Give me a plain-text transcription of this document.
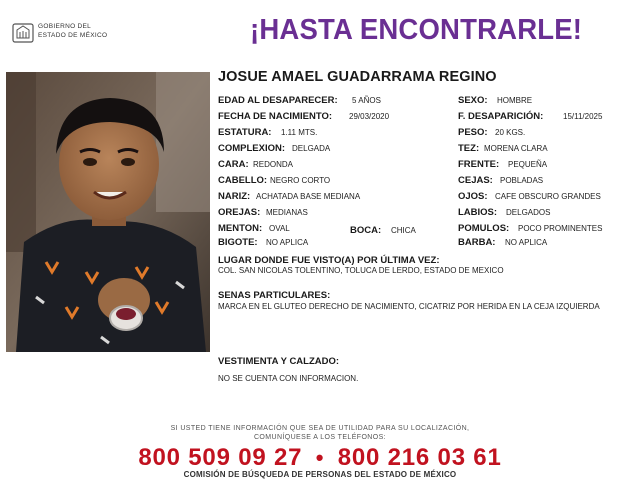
GOBIERNO DEL
ESTADO DE MÉXICO	¡HASTA ENCONTRARLE!
JOSUE AMAEL GUADARRAMA REGINO
EDAD AL DESAPARECER: 5 AÑOS
FECHA DE NACIMIENTO: 29/03/2020
ESTATURA: 1.11 MTS.
COMPLEXION: DELGADA
CARA: REDONDA
CABELLO: NEGRO CORTO
NARIZ: ACHATADA BASE MEDIANA
OREJAS: MEDIANAS
MENTON: OVAL	BOCA: CHICA
BIGOTE: NO APLICA
SEXO: HOMBRE
F. DESAPARICIÓN: 15/11/2025
PESO: 20 KGS.
TEZ: MORENA CLARA
FRENTE: PEQUEÑA
CEJAS: POBLADAS
OJOS: CAFE OBSCURO GRANDES
LABIOS: DELGADOS
POMULOS: POCO PROMINENTES
BARBA: NO APLICA
LUGAR DONDE FUE VISTO(A) POR ÚLTIMA VEZ:
COL. SAN NICOLAS TOLENTINO, TOLUCA DE LERDO, ESTADO DE MEXICO
SENAS PARTICULARES:
MARCA EN EL GLUTEO DERECHO DE NACIMIENTO, CICATRIZ POR HERIDA EN LA CEJA IZQUIERDA
VESTIMENTA Y CALZADO:
NO SE CUENTA CON INFORMACION.
SI USTED TIENE INFORMACIÓN QUE SEA DE UTILIDAD PARA SU LOCALIZACIÓN,
COMUNÍQUESE A LOS TELÉFONOS:
800 509 09 27 • 800 216 03 61
COMISIÓN DE BÚSQUEDA DE PERSONAS DEL ESTADO DE MÉXICO
